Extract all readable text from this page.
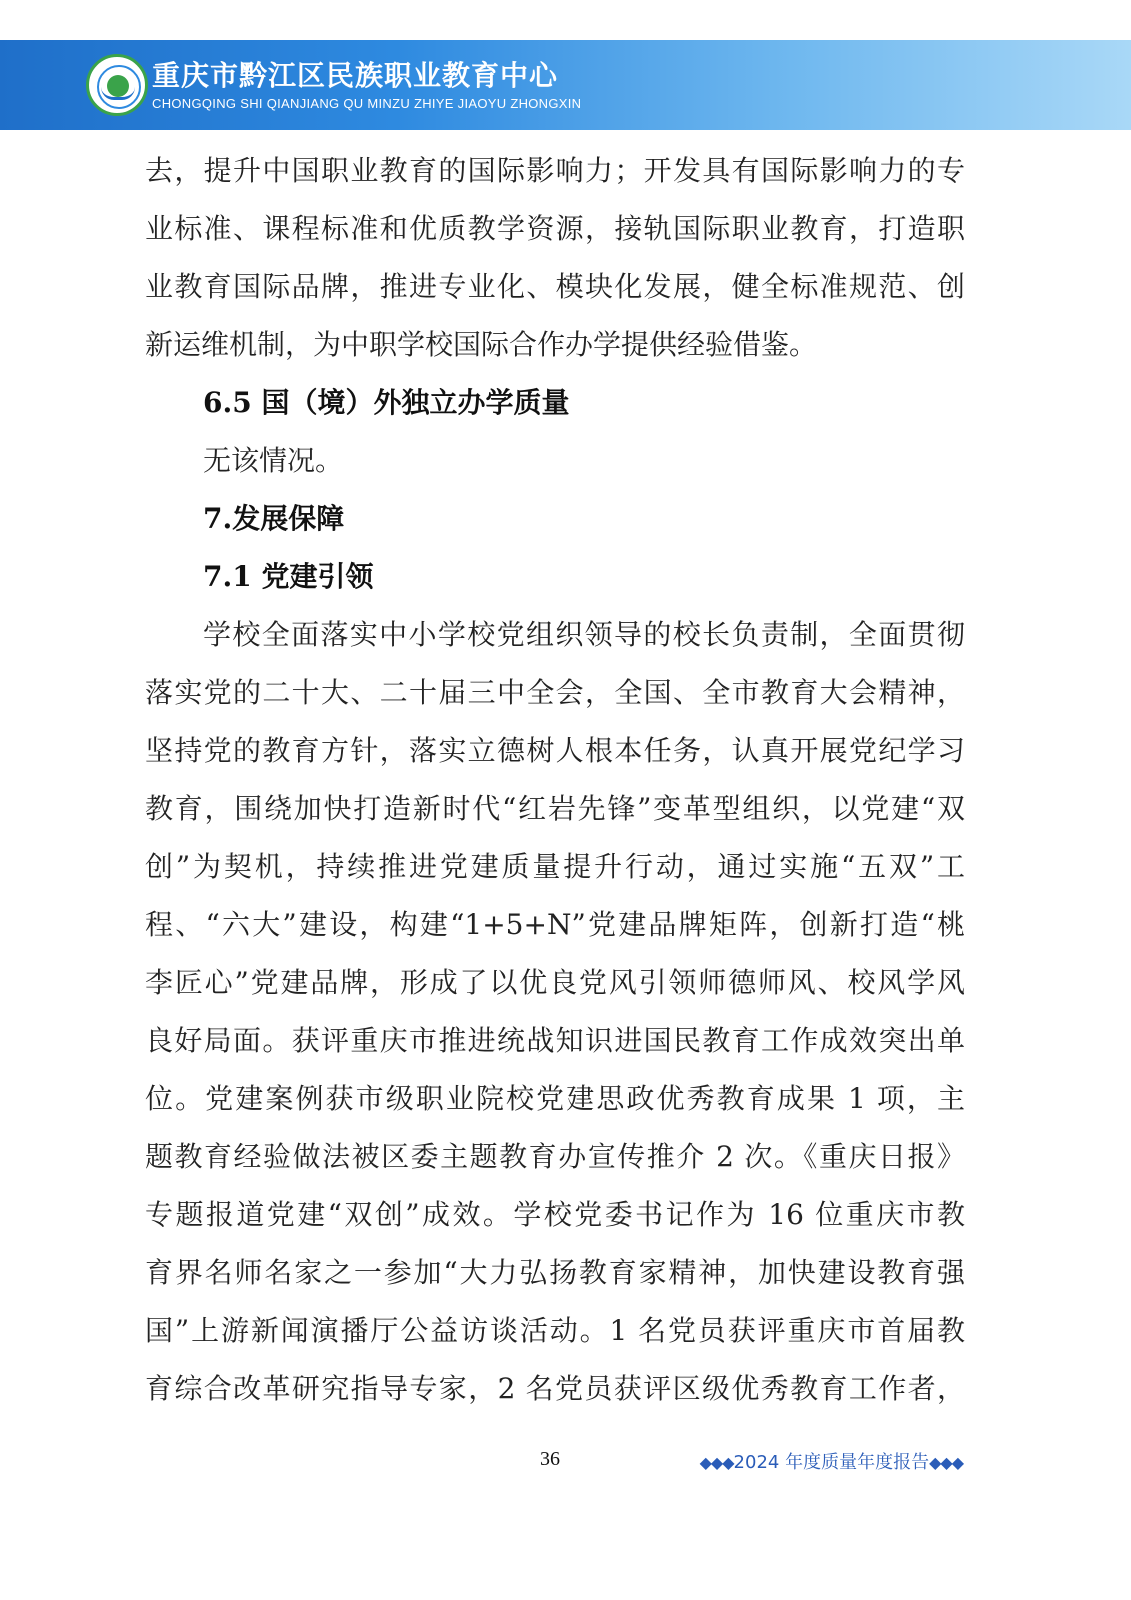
重庆市黔江区民族职业教育中心
CHONGQING SHI QIANJIANG QU MINZU ZHIYE JIAOYU ZHONGXIN
去，提升中国职业教育的国际影响力；开发具有国际影响力的专
业标准、课程标准和优质教学资源，接轨国际职业教育，打造职
业教育国际品牌，推进专业化、模块化发展，健全标准规范、创
新运维机制，为中职学校国际合作办学提供经验借鉴。
6.5 国（境）外独立办学质量
无该情况。
7.发展保障
7.1 党建引领
学校全面落实中小学校党组织领导的校长负责制，全面贯彻
落实党的二十大、二十届三中全会，全国、全市教育大会精神，
坚持党的教育方针，落实立德树人根本任务，认真开展党纪学习
教育，围绕加快打造新时代“红岩先锋”变革型组织，以党建“双
创”为契机，持续推进党建质量提升行动，通过实施“五双”工
程、“六大”建设，构建“1+5+N”党建品牌矩阵，创新打造“桃
李匠心”党建品牌，形成了以优良党风引领师德师风、校风学风
良好局面。获评重庆市推进统战知识进国民教育工作成效突出单
位。党建案例获市级职业院校党建思政优秀教育成果 1 项，主
题教育经验做法被区委主题教育办宣传推介 2 次。《重庆日报》
专题报道党建“双创”成效。学校党委书记作为 16 位重庆市教
育界名师名家之一参加“大力弘扬教育家精神，加快建设教育强
国”上游新闻演播厅公益访谈活动。1 名党员获评重庆市首届教
育综合改革研究指导专家，2 名党员获评区级优秀教育工作者，
36	◆◆◆2024 年度质量年度报告◆◆◆
